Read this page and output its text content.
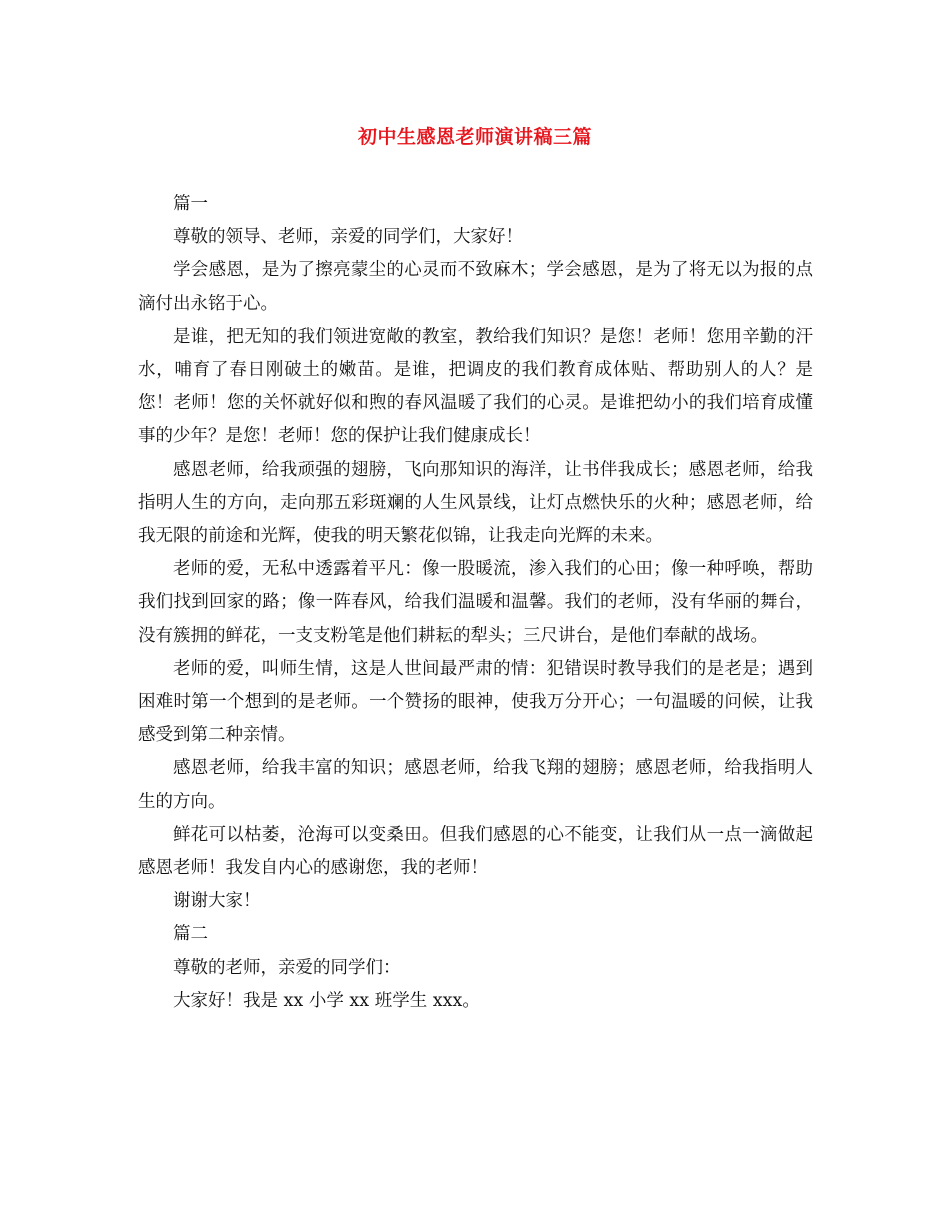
初中生感恩老师演讲稿三篇

篇一

尊敬的领导、老师，亲爱的同学们，大家好！

学会感恩，是为了擦亮蒙尘的心灵而不致麻木；学会感恩，是为了将无以为报的点滴付出永铭于心。

是谁，把无知的我们领进宽敞的教室，教给我们知识？是您！老师！您用辛勤的汗水，哺育了春日刚破土的嫩苗。是谁，把调皮的我们教育成体贴、帮助别人的人？是您！老师！您的关怀就好似和煦的春风温暖了我们的心灵。是谁把幼小的我们培育成懂事的少年？是您！老师！您的保护让我们健康成长！

感恩老师，给我顽强的翅膀，飞向那知识的海洋，让书伴我成长；感恩老师，给我指明人生的方向，走向那五彩斑斓的人生风景线，让灯点燃快乐的火种；感恩老师，给我无限的前途和光辉，使我的明天繁花似锦，让我走向光辉的未来。

老师的爱，无私中透露着平凡：像一股暖流，渗入我们的心田；像一种呼唤，帮助我们找到回家的路；像一阵春风，给我们温暖和温馨。我们的老师，没有华丽的舞台，没有簇拥的鲜花，一支支粉笔是他们耕耘的犁头；三尺讲台，是他们奉献的战场。

老师的爱，叫师生情，这是人世间最严肃的情：犯错误时教导我们的是老是；遇到困难时第一个想到的是老师。一个赞扬的眼神，使我万分开心；一句温暖的问候，让我感受到第二种亲情。

感恩老师，给我丰富的知识；感恩老师，给我飞翔的翅膀；感恩老师，给我指明人生的方向。

鲜花可以枯萎，沧海可以变桑田。但我们感恩的心不能变，让我们从一点一滴做起感恩老师！我发自内心的感谢您，我的老师！

谢谢大家！

篇二

尊敬的老师，亲爱的同学们：

大家好！我是 xx 小学 xx 班学生 xxx。
